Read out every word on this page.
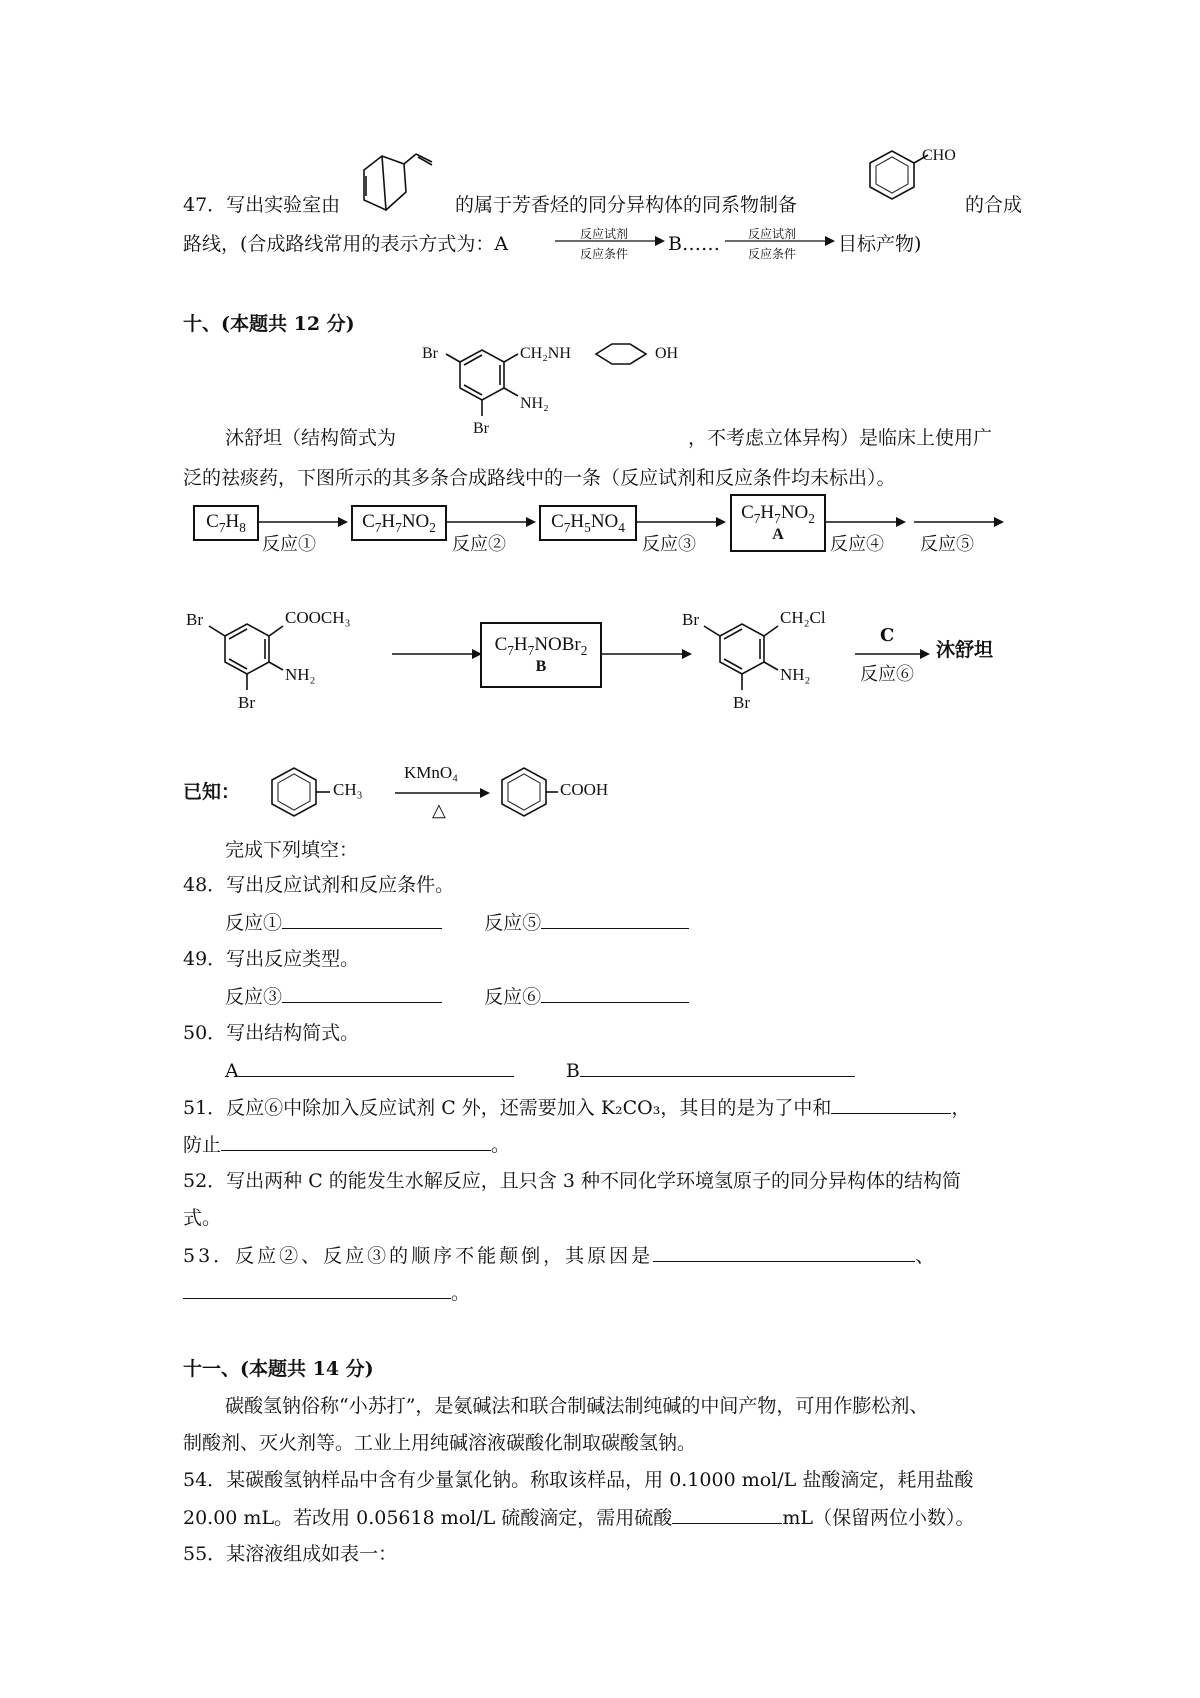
47．写出实验室由	的属于芳香烃的同分异构体的同系物制备
CHO
的合成
路线，(合成路线常用的表示方式为：A	反应试剂
反应条件 B…… 反应试剂
反应条件 目标产物)
十、(本题共 12 分)
Br	CH₂NH	OH
NH₂
Br
沐舒坦（结构简式为	，不考虑立体异构）是临床上使用广
泛的祛痰药，下图所示的其多条合成路线中的一条（反应试剂和反应条件均未标出）。
$C_7H_8$
反应①
$C_7H_7NO_2$
反应②
$C_7H_5NO_4$
反应③
$C_7H_7NO_2$
A	反应④ 反应⑤
Br	COOCH₃
NH₂
Br
$C_7H_7NOBr_2$
B
Br	CH₂Cl
NH₂
Br
C
反应⑥
沐舒坦
已知：	CH₃
KMnO₄
△
COOH
完成下列填空：
48．写出反应试剂和反应条件。
反应①	反应⑤
49．写出反应类型。
反应③	反应⑥
50．写出结构简式。
A	B
51．反应⑥中除加入反应试剂 C 外，还需要加入 K₂CO₃，其目的是为了中和	，
防止	。
52．写出两种 C 的能发生水解反应，且只含 3 种不同化学环境氢原子的同分异构体的结构简
式。
53．反应②、反应③的顺序不能颠倒，其原因是	、
。
十一、(本题共 14 分)
碳酸氢钠俗称“小苏打”，是氨碱法和联合制碱法制纯碱的中间产物，可用作膨松剂、
制酸剂、灭火剂等。工业上用纯碱溶液碳酸化制取碳酸氢钠。
54．某碳酸氢钠样品中含有少量氯化钠。称取该样品，用 0.1000 mol/L 盐酸滴定，耗用盐酸
20.00 mL。若改用 0.05618 mol/L 硫酸滴定，需用硫酸	mL（保留两位小数）。
55．某溶液组成如表一：
